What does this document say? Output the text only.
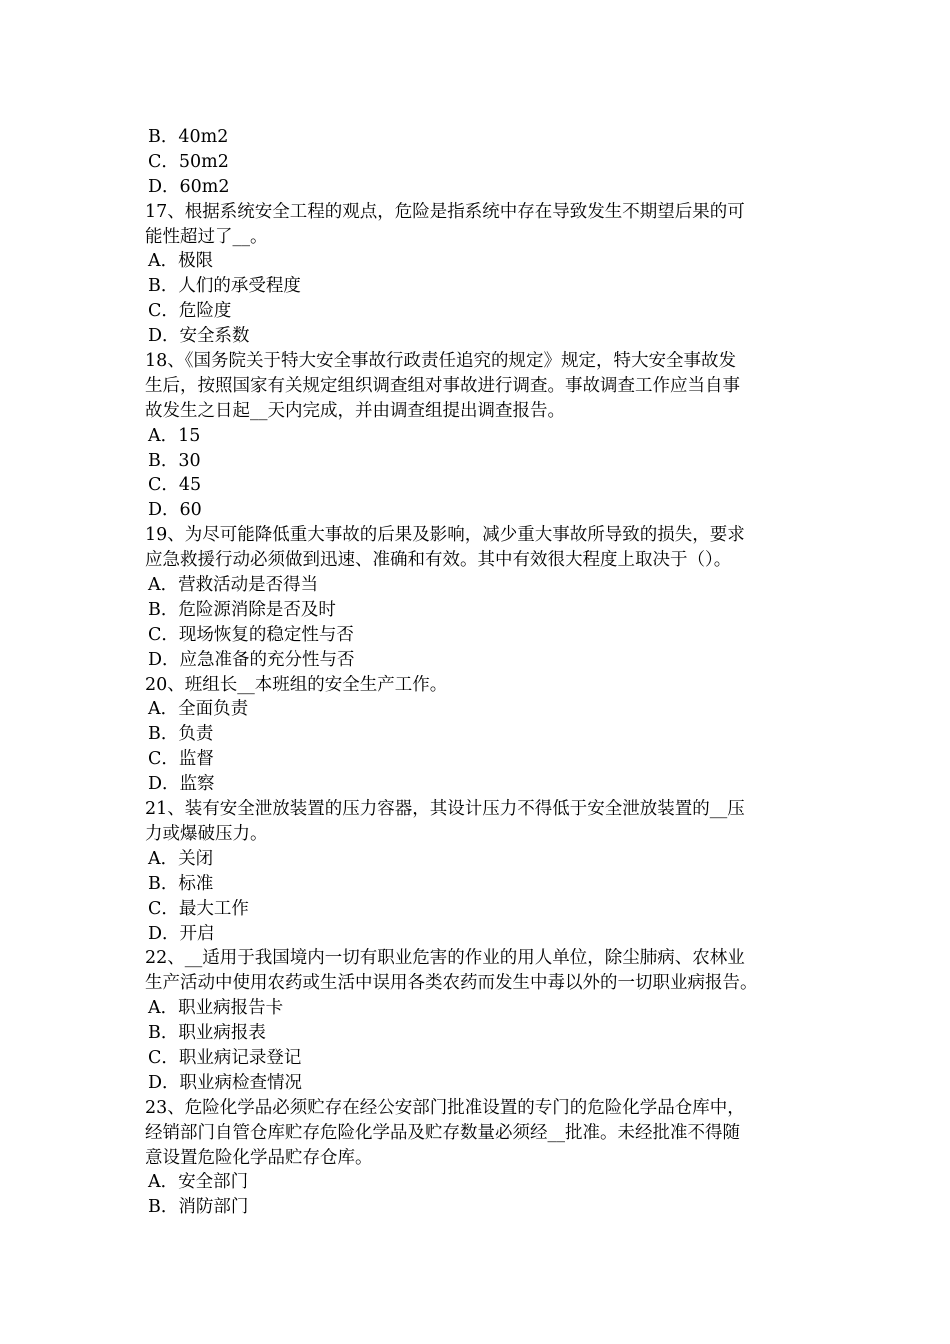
B．40m2
C．50m2
D．60m2
17、根据系统安全工程的观点，危险是指系统中存在导致发生不期望后果的可
能性超过了__。
A．极限
B．人们的承受程度
C．危险度
D．安全系数
18、《国务院关于特大安全事故行政责任追究的规定》规定，特大安全事故发
生后，按照国家有关规定组织调查组对事故进行调查。事故调查工作应当自事
故发生之日起__天内完成，并由调查组提出调查报告。
A．15
B．30
C．45
D．60
19、为尽可能降低重大事故的后果及影响，减少重大事故所导致的损失，要求
应急救援行动必须做到迅速、准确和有效。其中有效很大程度上取决于（）。
A．营救活动是否得当
B．危险源消除是否及时
C．现场恢复的稳定性与否
D．应急准备的充分性与否
20、班组长__本班组的安全生产工作。
A．全面负责
B．负责
C．监督
D．监察
21、装有安全泄放装置的压力容器，其设计压力不得低于安全泄放装置的__压
力或爆破压力。
A．关闭
B．标准
C．最大工作
D．开启
22、__适用于我国境内一切有职业危害的作业的用人单位，除尘肺病、农林业
生产活动中使用农药或生活中误用各类农药而发生中毒以外的一切职业病报告。
A．职业病报告卡
B．职业病报表
C．职业病记录登记
D．职业病检查情况
23、危险化学品必须贮存在经公安部门批准设置的专门的危险化学品仓库中，
经销部门自管仓库贮存危险化学品及贮存数量必须经__批准。未经批准不得随
意设置危险化学品贮存仓库。
A．安全部门
B．消防部门
